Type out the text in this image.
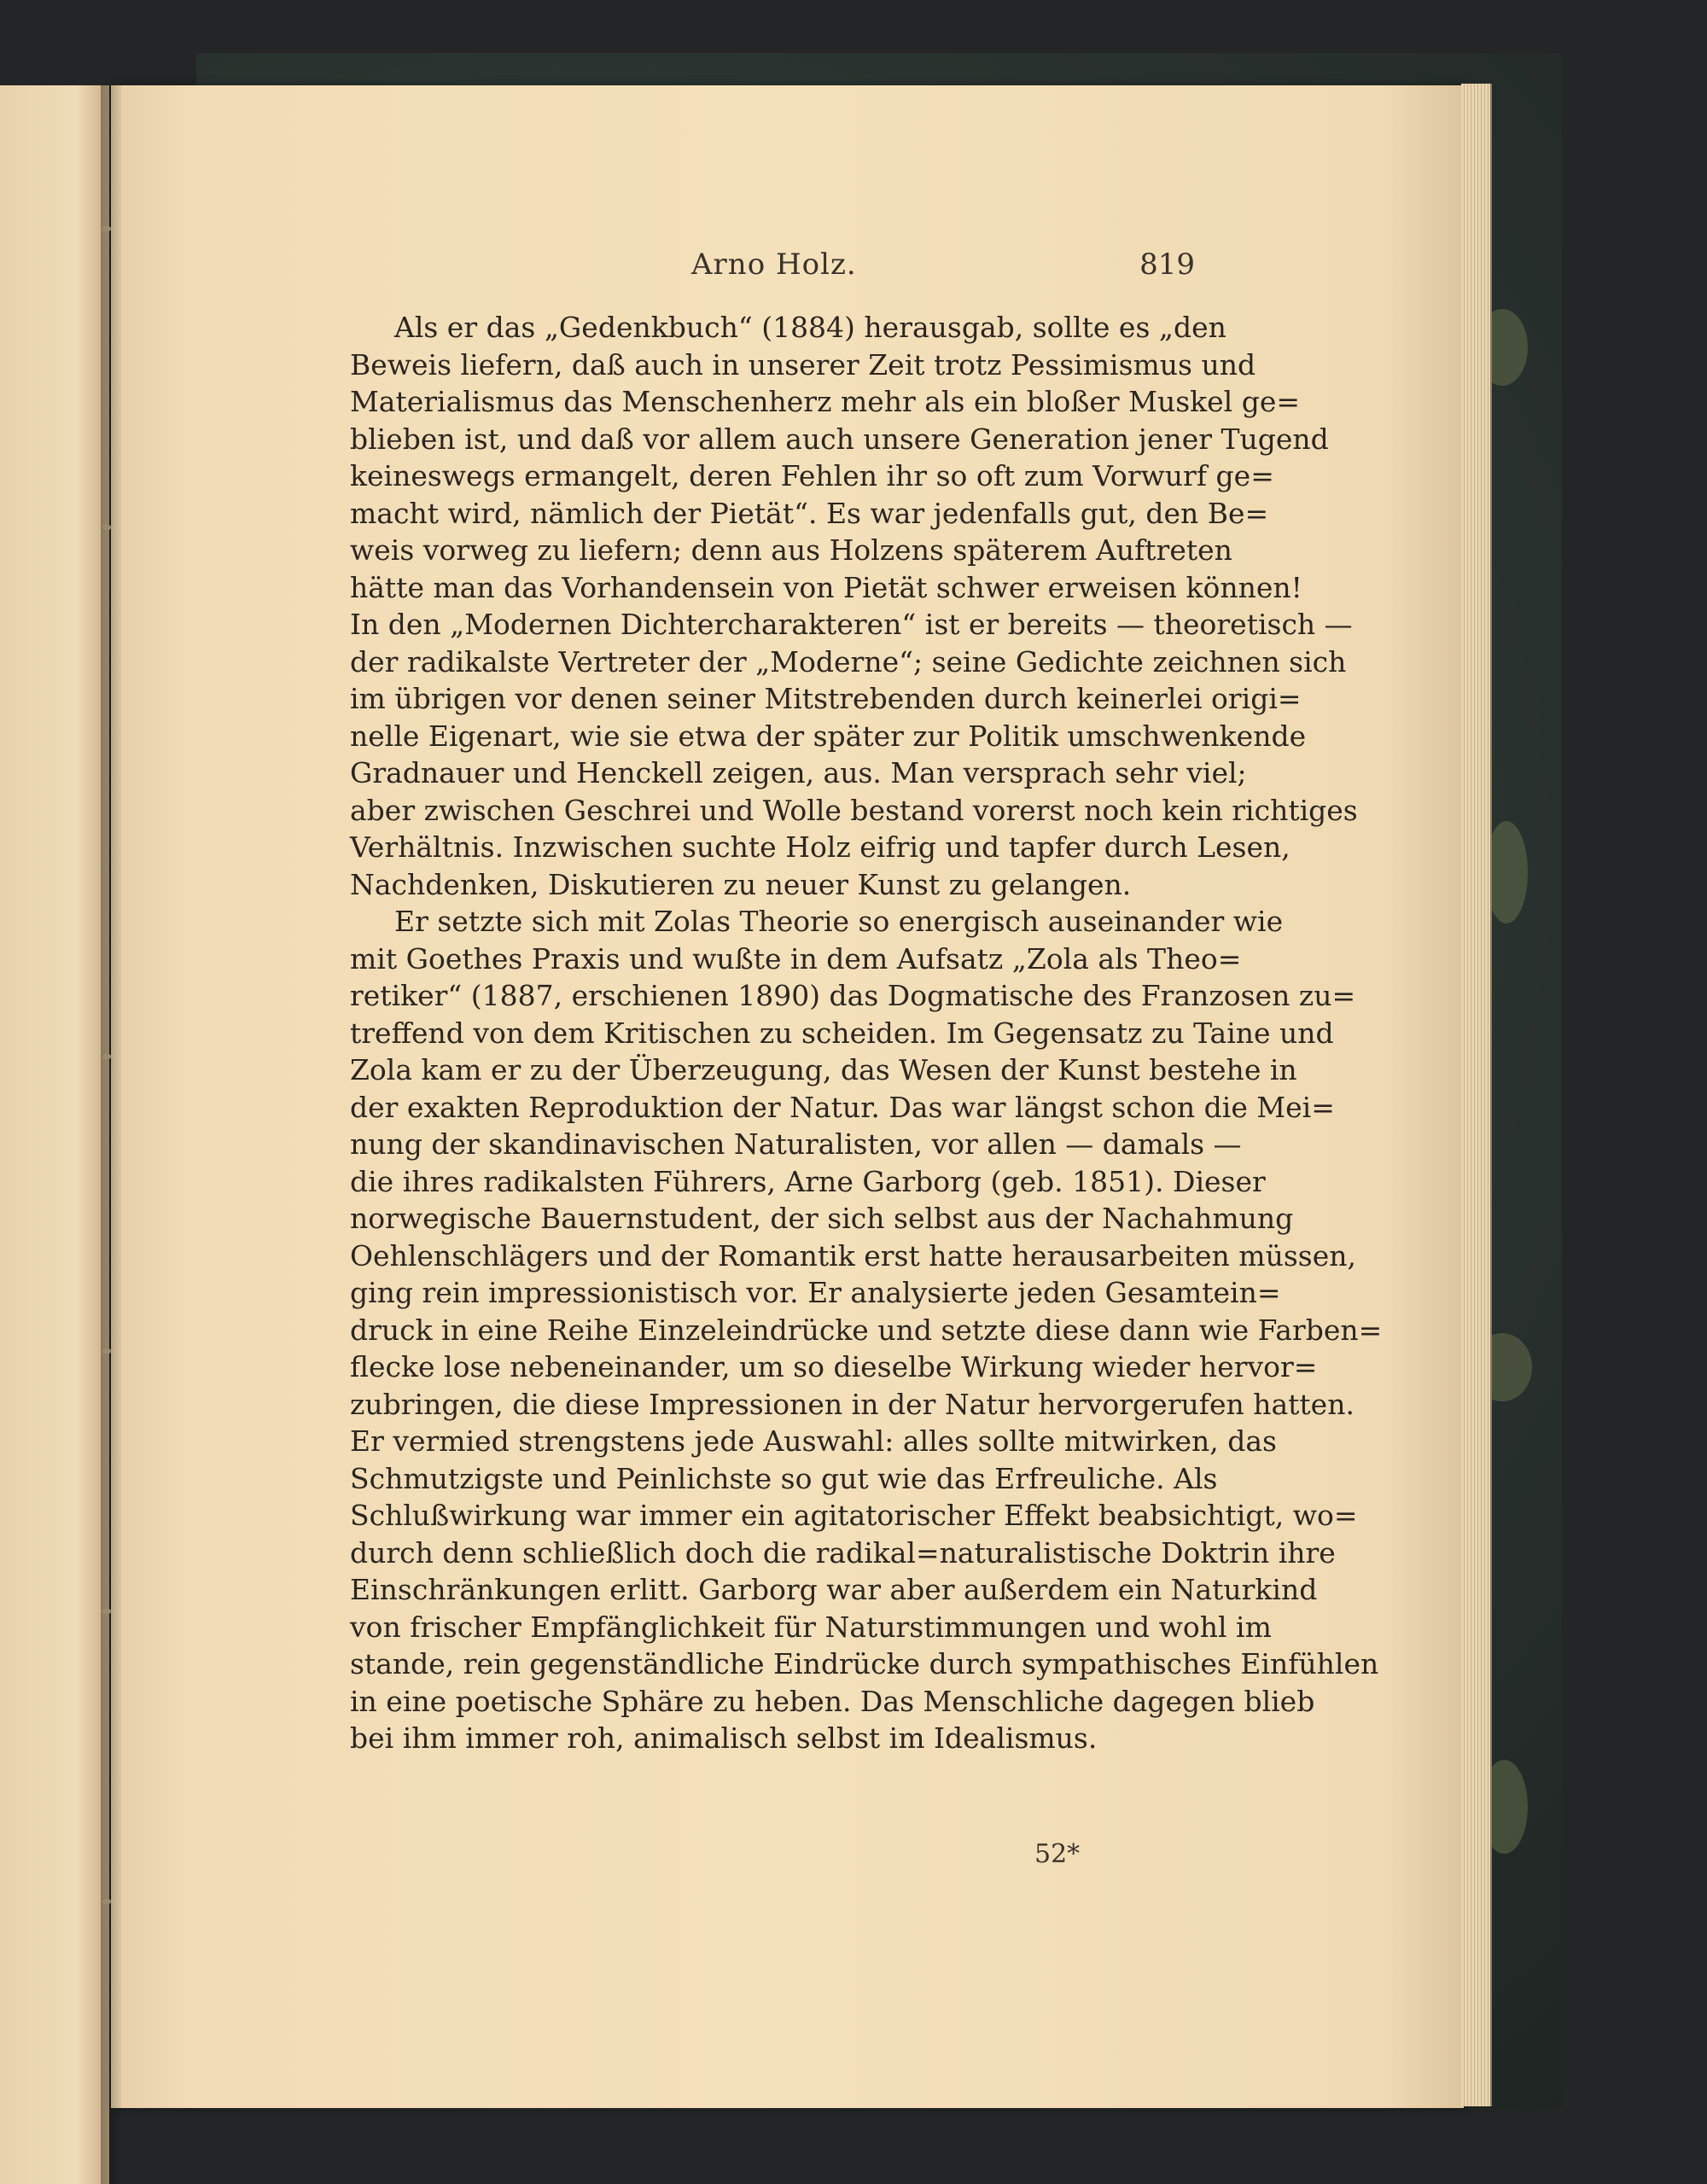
Arno Holz.	819
Als er das „Gedenkbuch“ (1884) herausgab, sollte es „den
Beweis liefern, daß auch in unserer Zeit trotz Pessimismus und
Materialismus das Menschenherz mehr als ein bloßer Muskel ge=
blieben ist, und daß vor allem auch unsere Generation jener Tugend
keineswegs ermangelt, deren Fehlen ihr so oft zum Vorwurf ge=
macht wird, nämlich der Pietät“. Es war jedenfalls gut, den Be=
weis vorweg zu liefern; denn aus Holzens späterem Auftreten
hätte man das Vorhandensein von Pietät schwer erweisen können!
In den „Modernen Dichtercharakteren“ ist er bereits — theoretisch —
der radikalste Vertreter der „Moderne“; seine Gedichte zeichnen sich
im übrigen vor denen seiner Mitstrebenden durch keinerlei origi=
nelle Eigenart, wie sie etwa der später zur Politik umschwenkende
Gradnauer und Henckell zeigen, aus. Man versprach sehr viel;
aber zwischen Geschrei und Wolle bestand vorerst noch kein richtiges
Verhältnis. Inzwischen suchte Holz eifrig und tapfer durch Lesen,
Nachdenken, Diskutieren zu neuer Kunst zu gelangen.
Er setzte sich mit Zolas Theorie so energisch auseinander wie
mit Goethes Praxis und wußte in dem Aufsatz „Zola als Theo=
retiker“ (1887, erschienen 1890) das Dogmatische des Franzosen zu=
treffend von dem Kritischen zu scheiden. Im Gegensatz zu Taine und
Zola kam er zu der Überzeugung, das Wesen der Kunst bestehe in
der exakten Reproduktion der Natur. Das war längst schon die Mei=
nung der skandinavischen Naturalisten, vor allen — damals —
die ihres radikalsten Führers, Arne Garborg (geb. 1851). Dieser
norwegische Bauernstudent, der sich selbst aus der Nachahmung
Oehlenschlägers und der Romantik erst hatte herausarbeiten müssen,
ging rein impressionistisch vor. Er analysierte jeden Gesamtein=
druck in eine Reihe Einzeleindrücke und setzte diese dann wie Farben=
flecke lose nebeneinander, um so dieselbe Wirkung wieder hervor=
zubringen, die diese Impressionen in der Natur hervorgerufen hatten.
Er vermied strengstens jede Auswahl: alles sollte mitwirken, das
Schmutzigste und Peinlichste so gut wie das Erfreuliche. Als
Schlußwirkung war immer ein agitatorischer Effekt beabsichtigt, wo=
durch denn schließlich doch die radikal=naturalistische Doktrin ihre
Einschränkungen erlitt. Garborg war aber außerdem ein Naturkind
von frischer Empfänglichkeit für Naturstimmungen und wohl im
stande, rein gegenständliche Eindrücke durch sympathisches Einfühlen
in eine poetische Sphäre zu heben. Das Menschliche dagegen blieb
bei ihm immer roh, animalisch selbst im Idealismus.
52*
